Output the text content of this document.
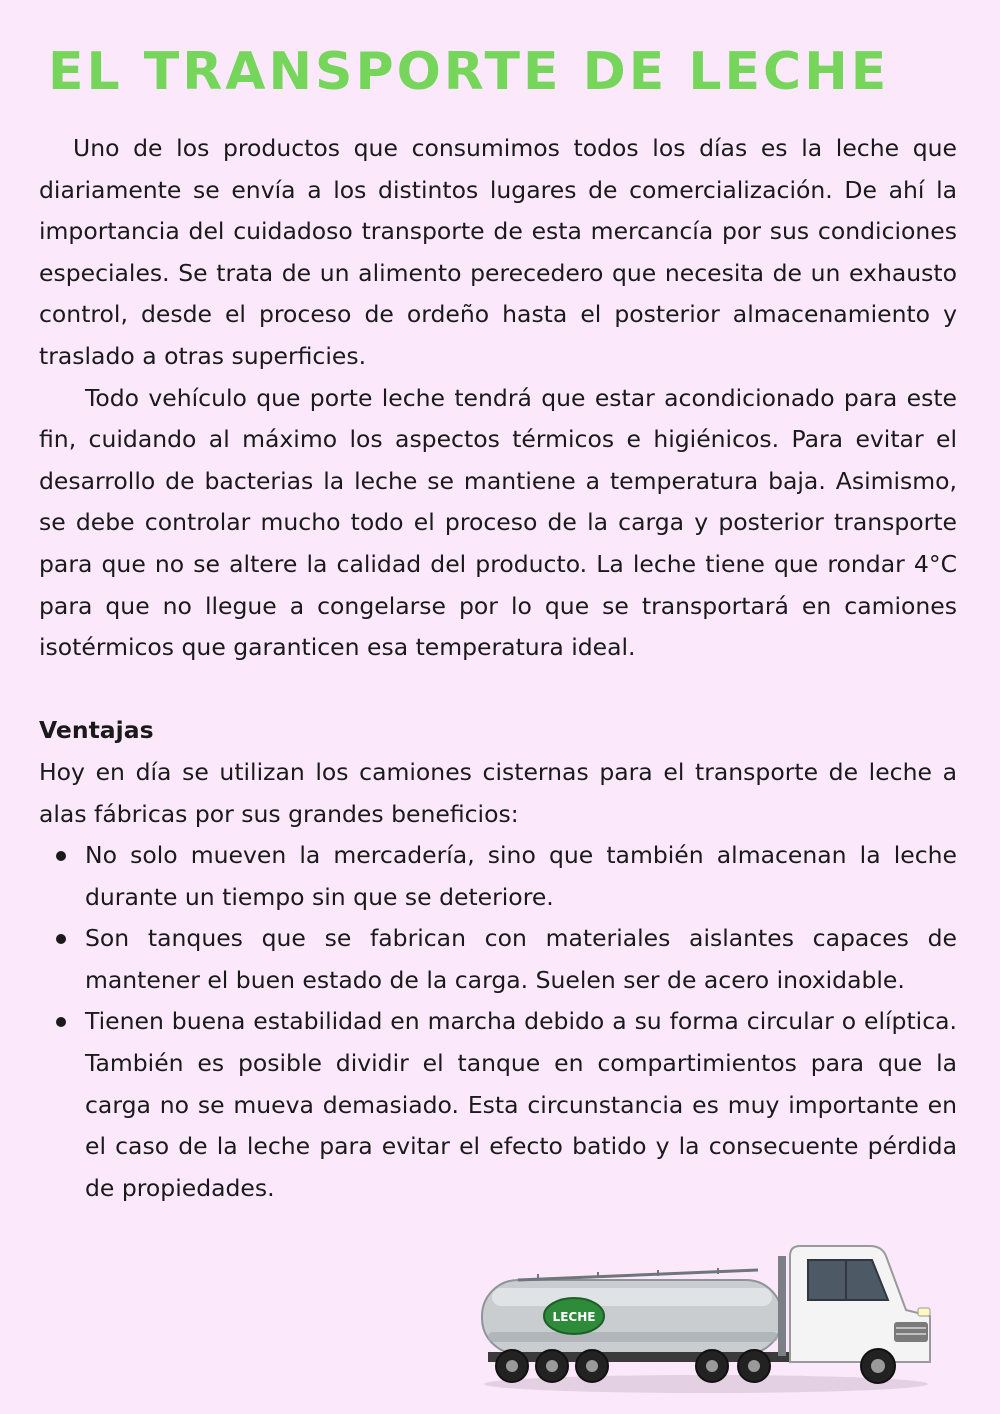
EL TRANSPORTE DE LECHE

Uno de los productos que consumimos todos los días es la leche que diariamente se envía a los distintos lugares de comercialización. De ahí la importancia del cuidadoso transporte de esta mercancía por sus condiciones especiales. Se trata de un alimento perecedero que necesita de un exhausto control, desde el proceso de ordeño hasta el posterior almacenamiento y traslado a otras superficies.

Todo vehículo que porte leche tendrá que estar acondicionado para este fin, cuidando al máximo los aspectos térmicos e higiénicos. Para evitar el desarrollo de bacterias la leche se mantiene a temperatura baja. Asimismo, se debe controlar mucho todo el proceso de la carga y posterior transporte para que no se altere la calidad del producto. La leche tiene que rondar 4°C para que no llegue a congelarse por lo que se transportará en camiones isotérmicos que garanticen esa temperatura ideal.

Ventajas

Hoy en día se utilizan los camiones cisternas para el transporte de leche a alas fábricas por sus grandes beneficios:

No solo mueven la mercadería, sino que también almacenan la leche durante un tiempo sin que se deteriore.
Son tanques que se fabrican con materiales aislantes capaces de mantener el buen estado de la carga. Suelen ser de acero inoxidable.
Tienen buena estabilidad en marcha debido a su forma circular o elíptica. También es posible dividir el tanque en compartimientos para que la carga no se mueva demasiado. Esta circunstancia es muy importante en el caso de la leche para evitar el efecto batido y la consecuente pérdida de propiedades.
LECHE
